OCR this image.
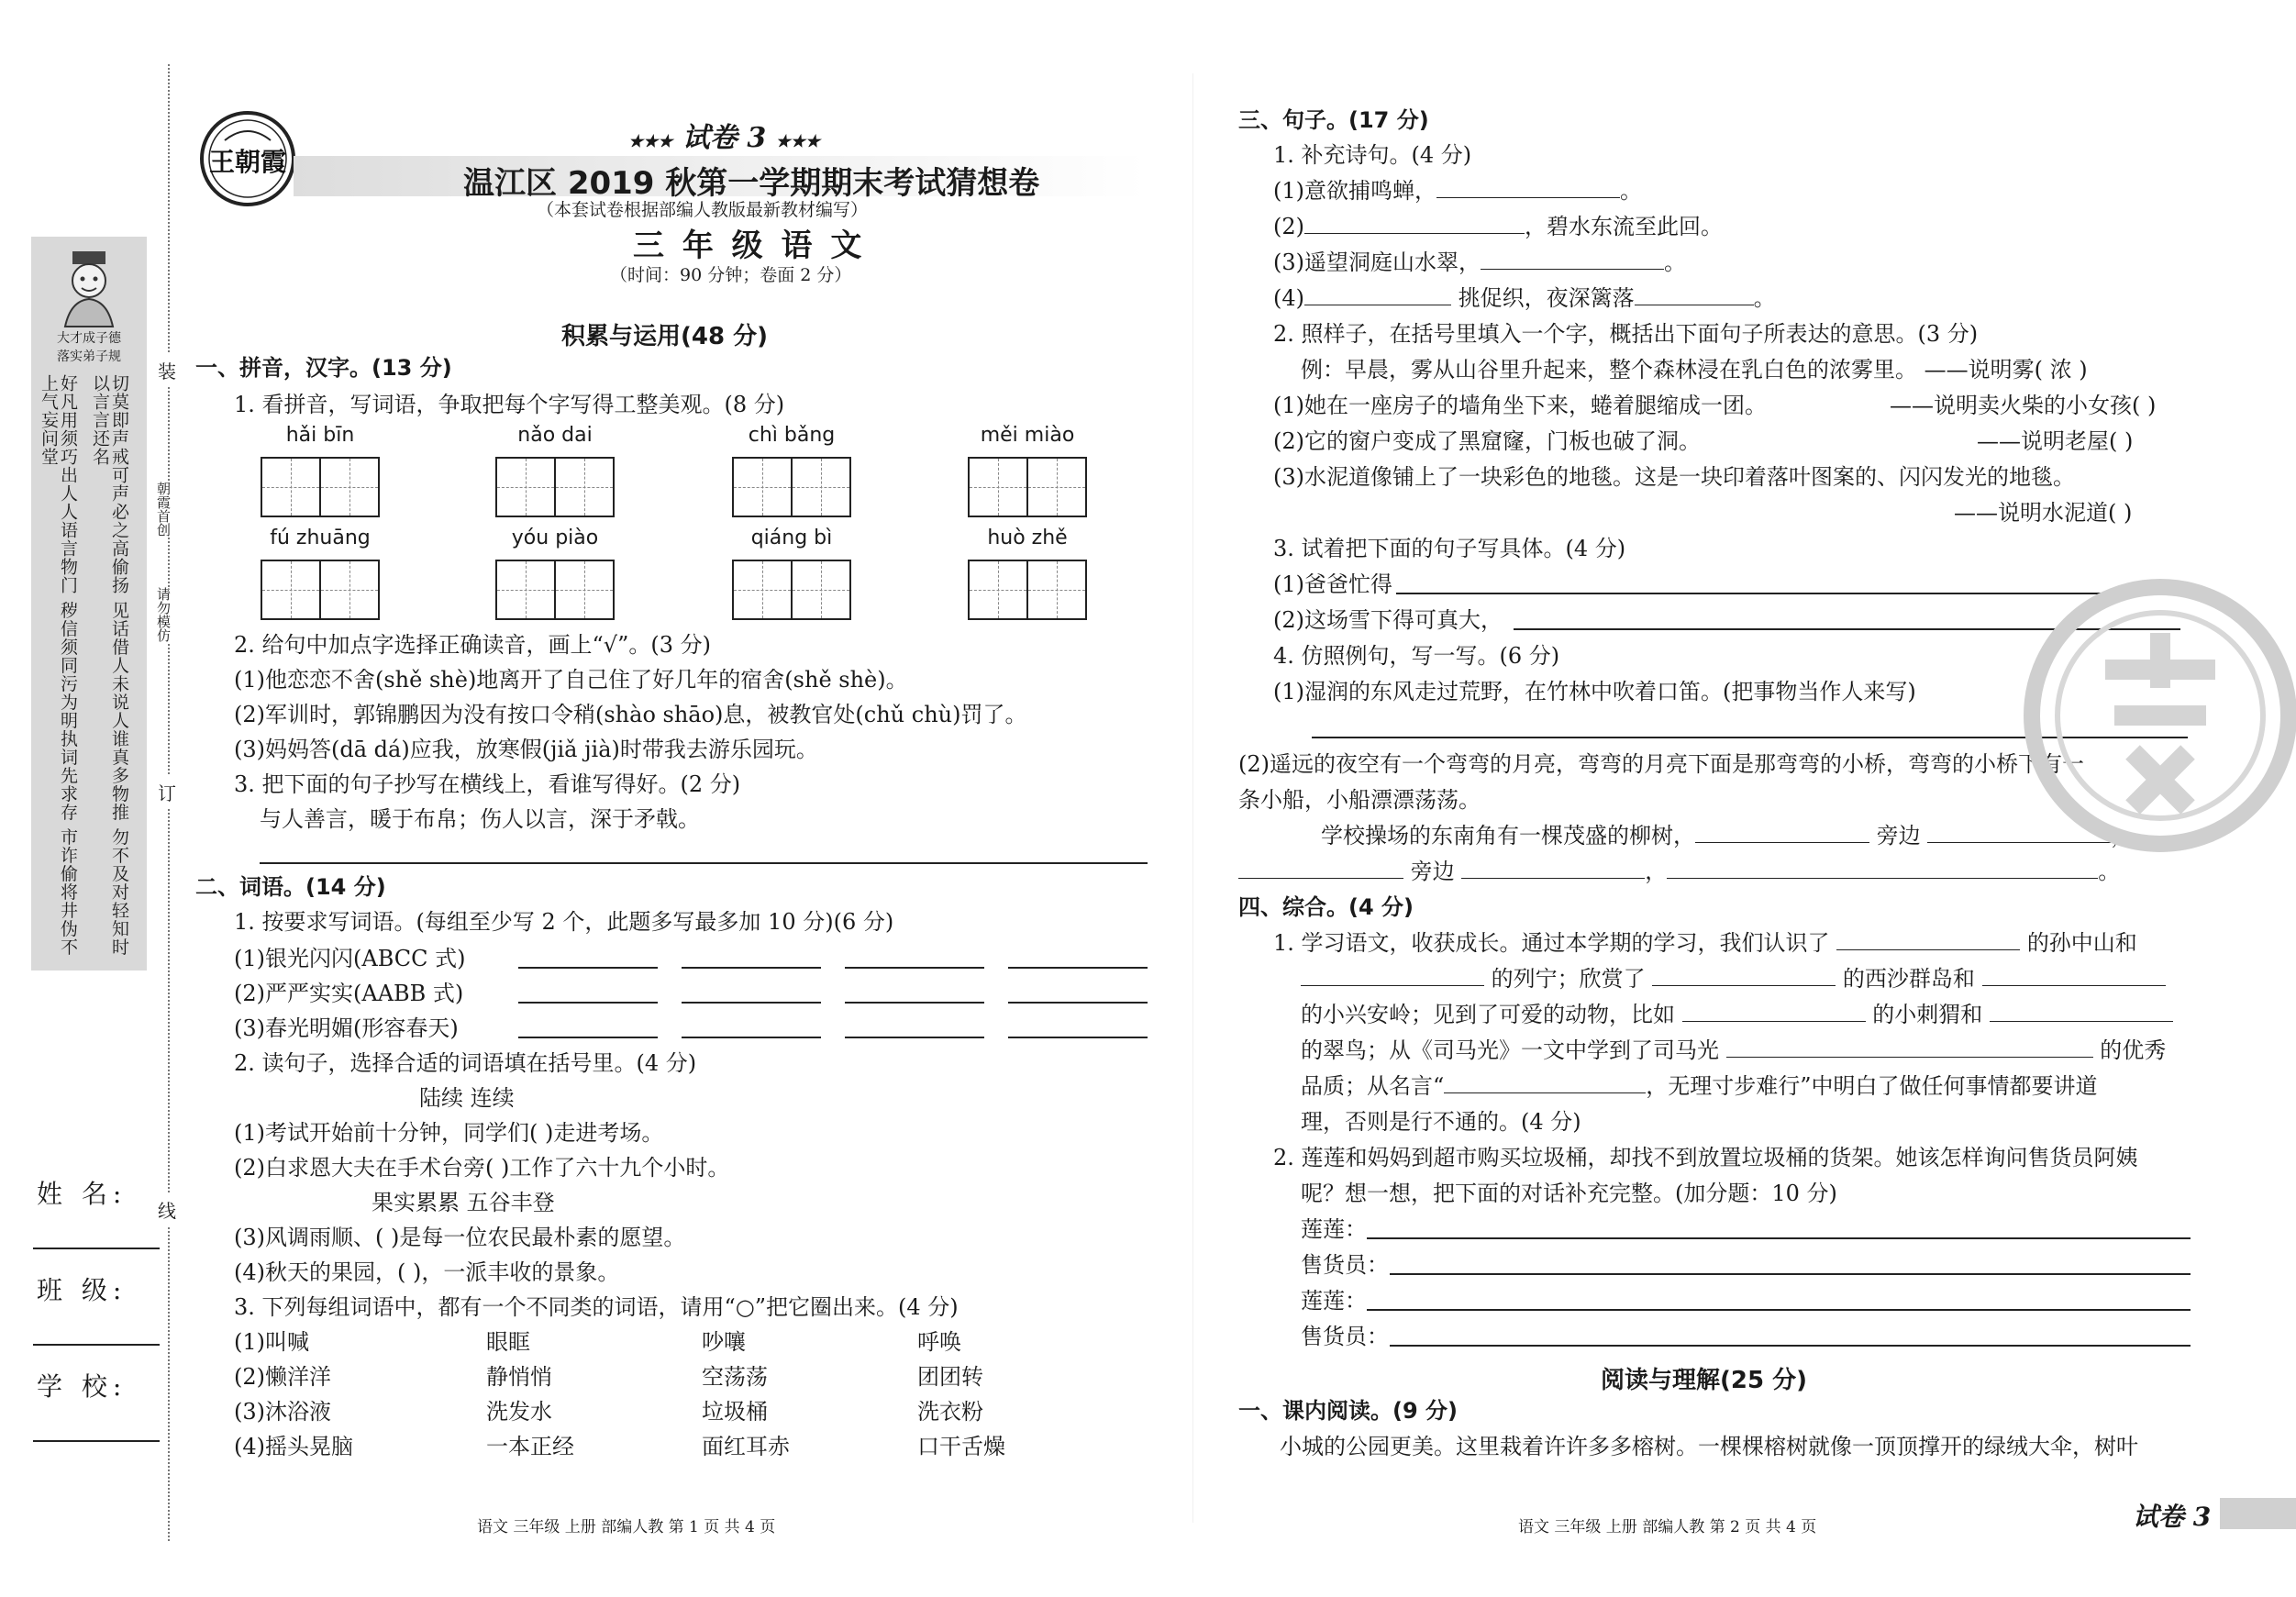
装
订
线
朝霞首创
请勿模仿
大才成子德
落实弟子规
好凡用须巧出人人语言物门 秽信须同污为明执词先求存 市诈偷将井伪不上气妄问堂	切莫即声戒可声必之高偷扬 见话借人未说人谁真多物推 勿不及对轻知时以言言还名
姓 名:
班 级:
学 校:
王朝霞
★★★ 试卷 3 ★★★
温江区 2019 秋第一学期期末考试猜想卷
（本套试卷根据部编人教版最新教材编写）
三 年 级 语 文
（时间：90 分钟；卷面 2 分）
积累与运用(48 分)
一、拼音，汉字。(13 分)
1. 看拼音，写词语，争取把每个字写得工整美观。(8 分)
hǎi bīn	nǎo dai	chì bǎng	měi miào
fú zhuāng	yóu piào	qiáng bì	huò zhě
2. 给句中加点字选择正确读音，画上“√”。(3 分)
(1)他恋恋不舍(shě shè)地离开了自己住了好几年的宿舍(shě shè)。
(2)军训时，郭锦鹏因为没有按口令稍(shào shāo)息，被教官处(chǔ chù)罚了。
(3)妈妈答(dā dá)应我，放寒假(jiǎ jià)时带我去游乐园玩。
3. 把下面的句子抄写在横线上，看谁写得好。(2 分)
与人善言，暖于布帛；伤人以言，深于矛戟。
二、词语。(14 分)
1. 按要求写词语。(每组至少写 2 个，此题多写最多加 10 分)(6 分)
(1)银光闪闪(ABCC 式)
(2)严严实实(AABB 式)
(3)春光明媚(形容春天)
2. 读句子，选择合适的词语填在括号里。(4 分)
陆续 连续
(1)考试开始前十分钟，同学们( )走进考场。
(2)白求恩大夫在手术台旁( )工作了六十九个小时。
果实累累 五谷丰登
(3)风调雨顺、( )是每一位农民最朴素的愿望。
(4)秋天的果园，( )，一派丰收的景象。
3. 下列每组词语中，都有一个不同类的词语，请用“○”把它圈出来。(4 分)
(1)叫喊	眼眶	吵嚷	呼唤
(2)懒洋洋	静悄悄	空荡荡	团团转
(3)沐浴液	洗发水	垃圾桶	洗衣粉
(4)摇头晃脑	一本正经	面红耳赤	口干舌燥
语文 三年级 上册 部编人教 第 1 页 共 4 页
三、句子。(17 分)
1. 补充诗句。(4 分)
(1)意欲捕鸣蝉，	。
(2)	，碧水东流至此回。
(3)遥望洞庭山水翠，	。
(4)	挑促织，夜深篱落	。
2. 照样子，在括号里填入一个字，概括出下面句子所表达的意思。(3 分)
例：早晨，雾从山谷里升起来，整个森林浸在乳白色的浓雾里。 ——说明雾( 浓 )
(1)她在一座房子的墙角坐下来，蜷着腿缩成一团。	——说明卖火柴的小女孩( )
(2)它的窗户变成了黑窟窿，门板也破了洞。	——说明老屋( )
(3)水泥道像铺上了一块彩色的地毯。这是一块印着落叶图案的、闪闪发光的地毯。
——说明水泥道( )
3. 试着把下面的句子写具体。(4 分)
(1)爸爸忙得
(2)这场雪下得可真大，
4. 仿照例句，写一写。(6 分)
(1)湿润的东风走过荒野，在竹林中吹着口笛。(把事物当作人来写)
(2)遥远的夜空有一个弯弯的月亮，弯弯的月亮下面是那弯弯的小桥，弯弯的小桥下有一
条小船，小船漂漂荡荡。
学校操场的东南角有一棵茂盛的柳树，	旁边	，
旁边	，	。
四、综合。(4 分)
1. 学习语文，收获成长。通过本学期的学习，我们认识了	的孙中山和
的列宁；欣赏了	的西沙群岛和
的小兴安岭；见到了可爱的动物，比如	的小刺猬和
的翠鸟；从《司马光》一文中学到了司马光	的优秀
品质；从名言“	，无理寸步难行”中明白了做任何事情都要讲道
理，否则是行不通的。(4 分)
2. 莲莲和妈妈到超市购买垃圾桶，却找不到放置垃圾桶的货架。她该怎样询问售货员阿姨
呢？想一想，把下面的对话补充完整。(加分题：10 分)
莲莲：
售货员：
莲莲：
售货员：
阅读与理解(25 分)
一、课内阅读。(9 分)
小城的公园更美。这里栽着许许多多榕树。一棵棵榕树就像一顶顶撑开的绿绒大伞，树叶
语文 三年级 上册 部编人教 第 2 页 共 4 页	试卷 3
